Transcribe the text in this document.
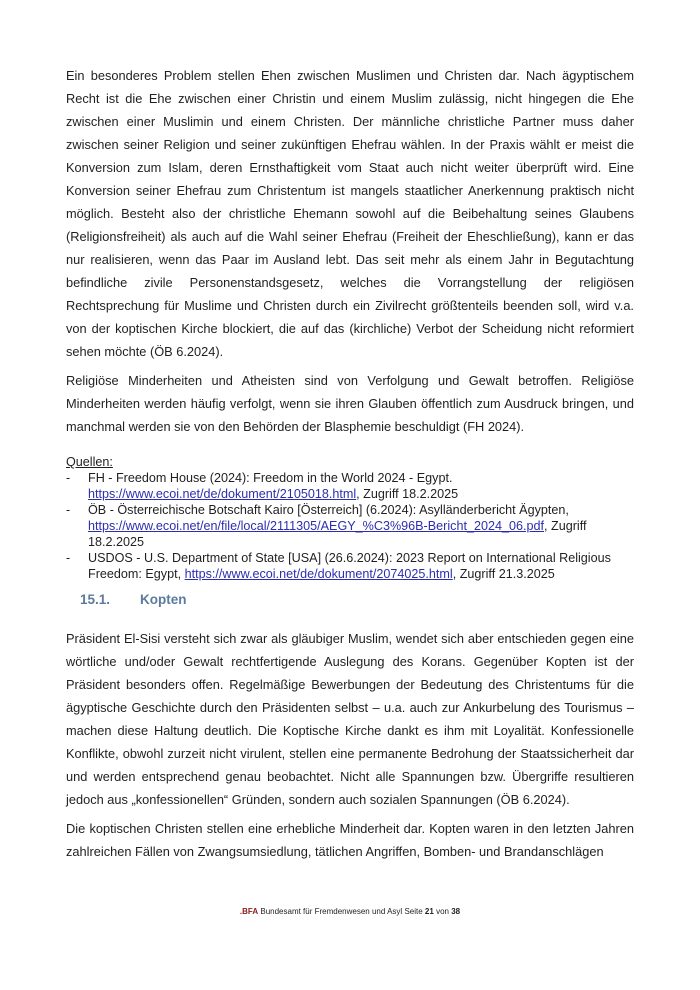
Ein besonderes Problem stellen Ehen zwischen Muslimen und Christen dar. Nach ägyptischem Recht ist die Ehe zwischen einer Christin und einem Muslim zulässig, nicht hingegen die Ehe zwischen einer Muslimin und einem Christen. Der männliche christliche Partner muss daher zwischen seiner Religion und seiner zukünftigen Ehefrau wählen. In der Praxis wählt er meist die Konversion zum Islam, deren Ernsthaftigkeit vom Staat auch nicht weiter überprüft wird. Eine Konversion seiner Ehefrau zum Christentum ist mangels staatlicher Anerkennung praktisch nicht möglich. Besteht also der christliche Ehemann sowohl auf die Beibehaltung seines Glaubens (Religionsfreiheit) als auch auf die Wahl seiner Ehefrau (Freiheit der Eheschließung), kann er das nur realisieren, wenn das Paar im Ausland lebt. Das seit mehr als einem Jahr in Begutachtung befindliche zivile Personenstandsgesetz, welches die Vorrangstellung der religiösen Rechtsprechung für Muslime und Christen durch ein Zivilrecht größtenteils beenden soll, wird v.a. von der koptischen Kirche blockiert, die auf das (kirchliche) Verbot der Scheidung nicht reformiert sehen möchte (ÖB 6.2024).

Religiöse Minderheiten und Atheisten sind von Verfolgung und Gewalt betroffen. Religiöse Minderheiten werden häufig verfolgt, wenn sie ihren Glauben öffentlich zum Ausdruck bringen, und manchmal werden sie von den Behörden der Blasphemie beschuldigt (FH 2024).

Quellen:
- FH - Freedom House (2024): Freedom in the World 2024 - Egypt. https://www.ecoi.net/de/dokument/2105018.html, Zugriff 18.2.2025
- ÖB - Österreichische Botschaft Kairo [Österreich] (6.2024): Asylländerbericht Ägypten, https://www.ecoi.net/en/file/local/2111305/AEGY_%C3%96B-Bericht_2024_06.pdf, Zugriff 18.2.2025
- USDOS - U.S. Department of State [USA] (26.6.2024): 2023 Report on International Religious Freedom: Egypt, https://www.ecoi.net/de/dokument/2074025.html, Zugriff 21.3.2025
15.1. Kopten

Präsident El-Sisi versteht sich zwar als gläubiger Muslim, wendet sich aber entschieden gegen eine wörtliche und/oder Gewalt rechtfertigende Auslegung des Korans. Gegenüber Kopten ist der Präsident besonders offen. Regelmäßige Bewerbungen der Bedeutung des Christentums für die ägyptische Geschichte durch den Präsidenten selbst – u.a. auch zur Ankurbelung des Tourismus – machen diese Haltung deutlich. Die Koptische Kirche dankt es ihm mit Loyalität. Konfessionelle Konflikte, obwohl zurzeit nicht virulent, stellen eine permanente Bedrohung der Staatssicherheit dar und werden entsprechend genau beobachtet. Nicht alle Spannungen bzw. Übergriffe resultieren jedoch aus „konfessionellen“ Gründen, sondern auch sozialen Spannungen (ÖB 6.2024).

Die koptischen Christen stellen eine erhebliche Minderheit dar. Kopten waren in den letzten Jahren zahlreichen Fällen von Zwangsumsiedlung, tätlichen Angriffen, Bomben- und Brandanschlägen

.BFA Bundesamt für Fremdenwesen und Asyl Seite 21 von 38
